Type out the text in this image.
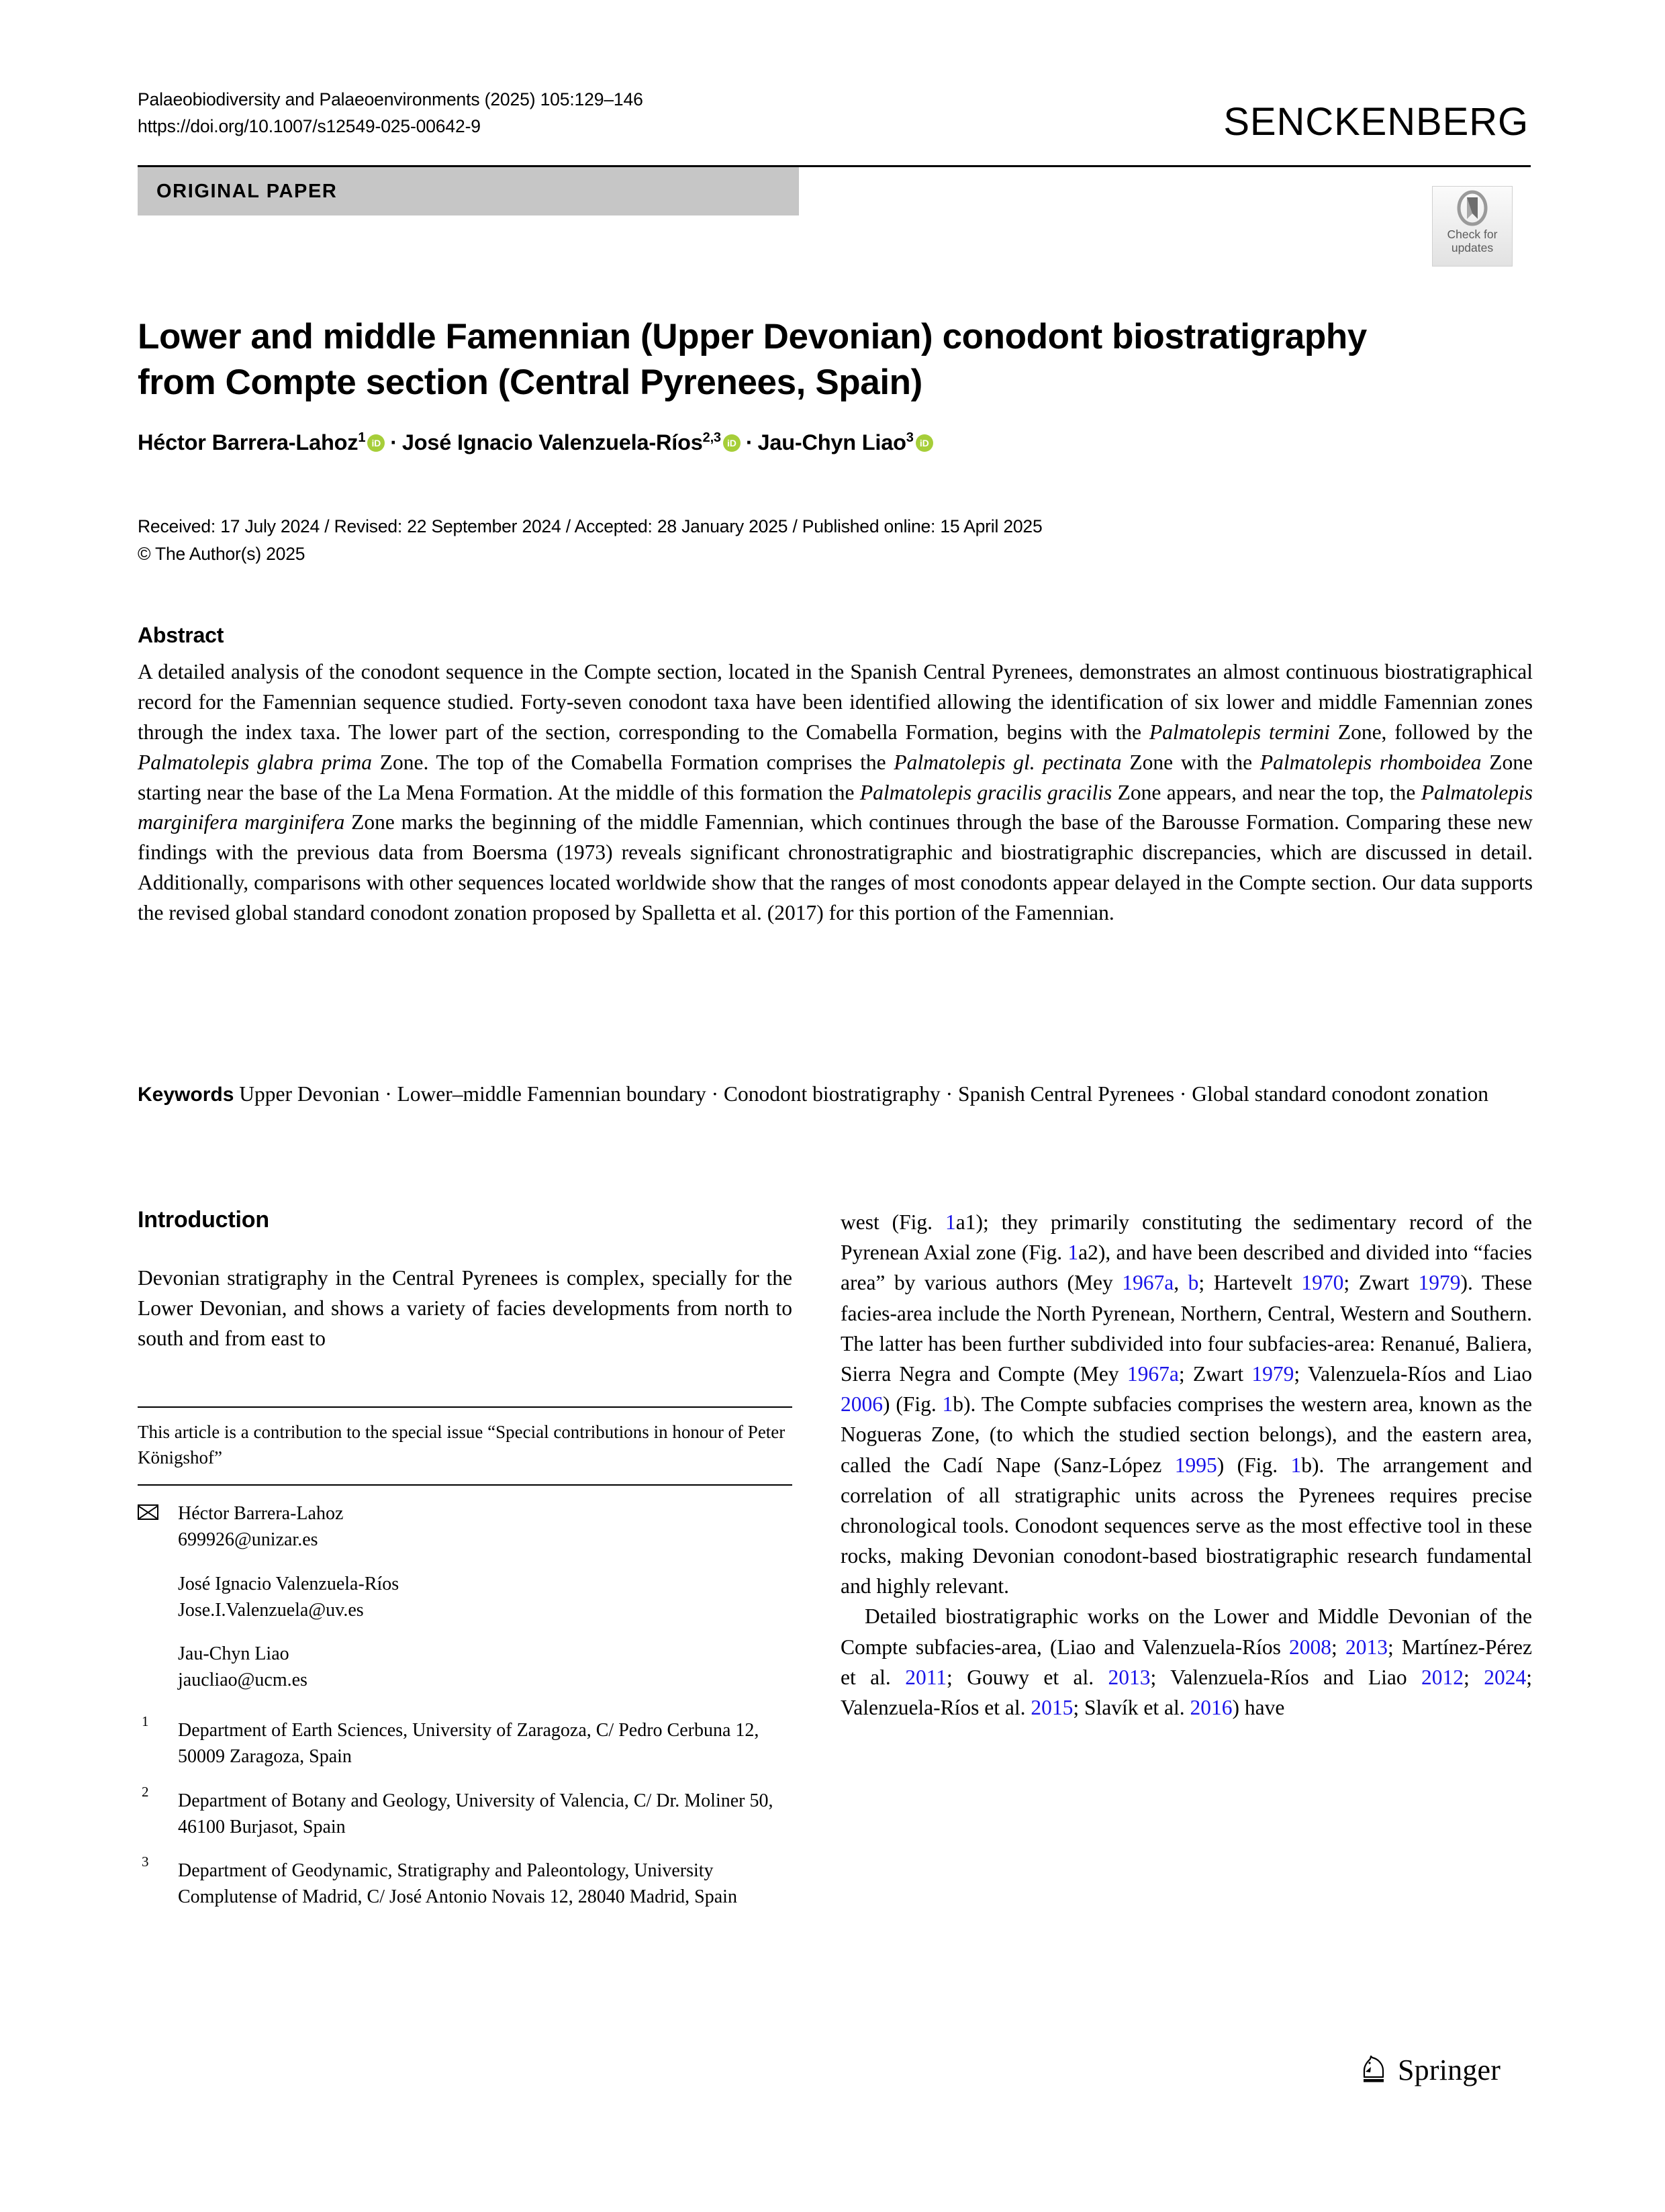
Palaeobiodiversity and Palaeoenvironments (2025) 105:129–146
https://doi.org/10.1007/s12549-025-00642-9	SENCKENBERG
ORIGINAL PAPER
Check for
updates
Lower and middle Famennian (Upper Devonian) conodont biostratigraphy from Compte section (Central Pyrenees, Spain)
Héctor Barrera-Lahoz$^1$ iD · José Ignacio Valenzuela-Ríos$^{2,3}$ iD · Jau-Chyn Liao$^3$iD
Received: 17 July 2024 / Revised: 22 September 2024 / Accepted: 28 January 2025 / Published online: 15 April 2025
© The Author(s) 2025
Abstract
A detailed analysis of the conodont sequence in the Compte section, located in the Spanish Central Pyrenees, demonstrates an almost continuous biostratigraphical record for the Famennian sequence studied. Forty-seven conodont taxa have been identified allowing the identification of six lower and middle Famennian zones through the index taxa. The lower part of the section, corresponding to the Comabella Formation, begins with the Palmatolepis termini Zone, followed by the Palmatolepis glabra prima Zone. The top of the Comabella Formation comprises the Palmatolepis gl. pectinata Zone with the Palmatolepis rhomboidea Zone starting near the base of the La Mena Formation. At the middle of this formation the Palmatolepis gracilis gracilis Zone appears, and near the top, the Palmatolepis marginifera marginifera Zone marks the beginning of the middle Famennian, which continues through the base of the Barousse Formation. Comparing these new findings with the previous data from Boersma (1973) reveals significant chronostratigraphic and biostratigraphic discrepancies, which are discussed in detail. Additionally, comparisons with other sequences located worldwide show that the ranges of most conodonts appear delayed in the Compte section. Our data supports the revised global standard conodont zonation proposed by Spalletta et al. (2017) for this portion of the Famennian.
Keywords Upper Devonian · Lower–middle Famennian boundary · Conodont biostratigraphy · Spanish Central Pyrenees · Global standard conodont zonation
Introduction

Devonian stratigraphy in the Central Pyrenees is complex, specially for the Lower Devonian, and shows a variety of facies developments from north to south and from east to

This article is a contribution to the special issue “Special contributions in honour of Peter Königshof”
Héctor Barrera-Lahoz
699926@unizar.es
José Ignacio Valenzuela-Ríos
Jose.I.Valenzuela@uv.es
Jau-Chyn Liao
jaucliao@ucm.es
1 Department of Earth Sciences, University of Zaragoza, C/ Pedro Cerbuna 12, 50009 Zaragoza, Spain
2 Department of Botany and Geology, University of Valencia, C/ Dr. Moliner 50, 46100 Burjasot, Spain
3 Department of Geodynamic, Stratigraphy and Paleontology, University Complutense of Madrid, C/ José Antonio Novais 12, 28040 Madrid, Spain

west (Fig. 1a1); they primarily constituting the sedimentary record of the Pyrenean Axial zone (Fig. 1a2), and have been described and divided into “facies area” by various authors (Mey 1967a, b; Hartevelt 1970; Zwart 1979). These facies-area include the North Pyrenean, Northern, Central, Western and Southern. The latter has been further subdivided into four subfacies-area: Renanué, Baliera, Sierra Negra and Compte (Mey 1967a; Zwart 1979; Valenzuela-Ríos and Liao 2006) (Fig. 1b). The Compte subfacies comprises the western area, known as the Nogueras Zone, (to which the studied section belongs), and the eastern area, called the Cadí Nape (Sanz-López 1995) (Fig. 1b). The arrangement and correlation of all stratigraphic units across the Pyrenees requires precise chronological tools. Conodont sequences serve as the most effective tool in these rocks, making Devonian conodont-based biostratigraphic research fundamental and highly relevant.

Detailed biostratigraphic works on the Lower and Middle Devonian of the Compte subfacies-area, (Liao and Valenzuela-Ríos 2008; 2013; Martínez-Pérez et al. 2011; Gouwy et al. 2013; Valenzuela-Ríos and Liao 2012; 2024; Valenzuela-Ríos et al. 2015; Slavík et al. 2016) have

Springer
